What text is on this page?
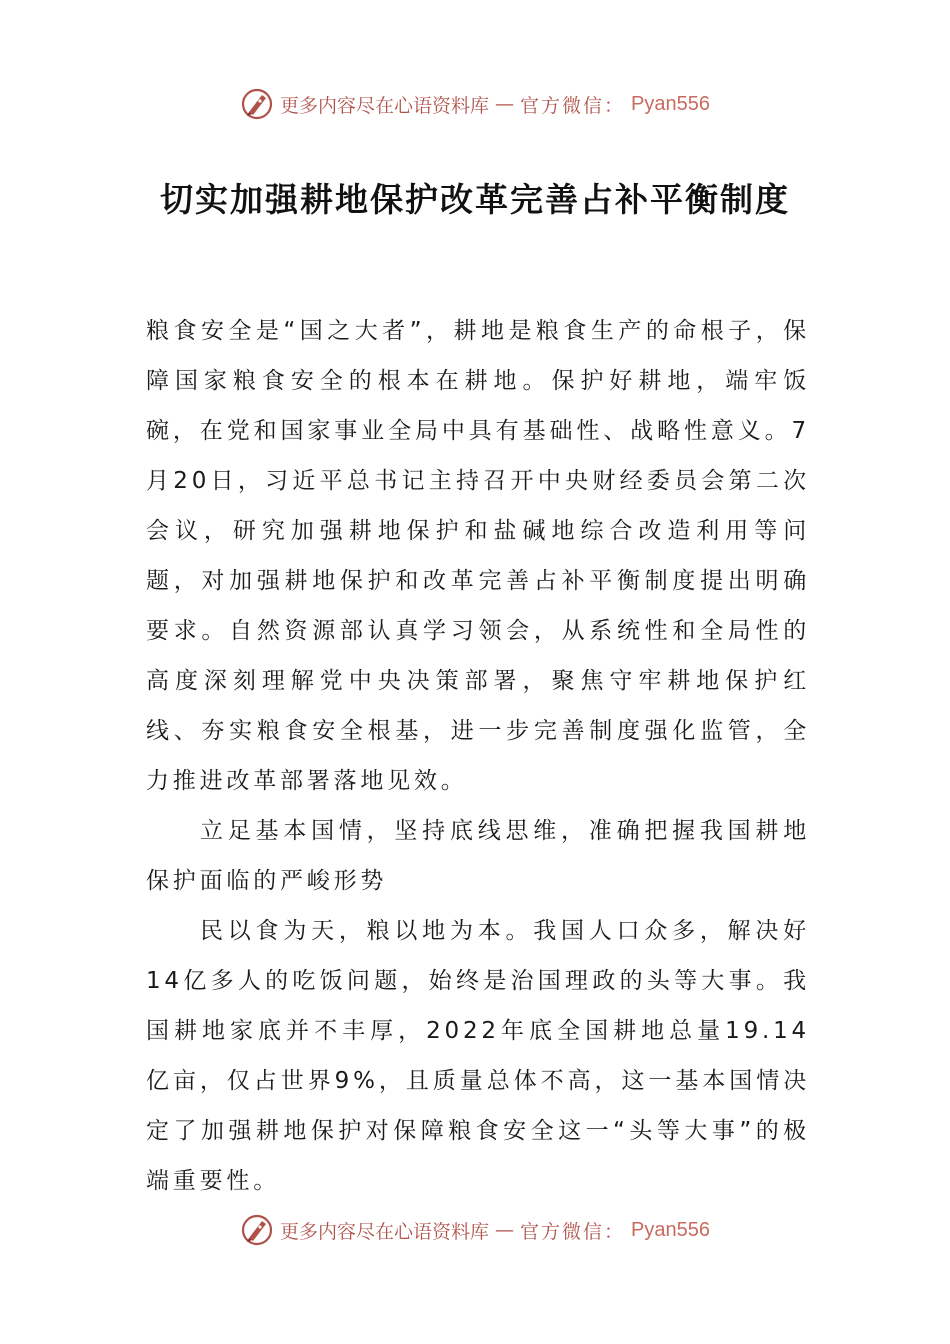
更多内容尽在心语资料库 — 官方微信： Pyan556
切实加强耕地保护改革完善占补平衡制度

粮食安全是“国之大者”，耕地是粮食生产的命根子，保障国家粮食安全的根本在耕地。保护好耕地，端牢饭碗，在党和国家事业全局中具有基础性、战略性意义。7月20日，习近平总书记主持召开中央财经委员会第二次会议，研究加强耕地保护和盐碱地综合改造利用等问题，对加强耕地保护和改革完善占补平衡制度提出明确要求。自然资源部认真学习领会，从系统性和全局性的高度深刻理解党中央决策部署，聚焦守牢耕地保护红线、夯实粮食安全根基，进一步完善制度强化监管，全力推进改革部署落地见效。

立足基本国情，坚持底线思维，准确把握我国耕地保护面临的严峻形势

民以食为天，粮以地为本。我国人口众多，解决好14亿多人的吃饭问题，始终是治国理政的头等大事。我国耕地家底并不丰厚，2022年底全国耕地总量19.14亿亩，仅占世界9%，且质量总体不高，这一基本国情决定了加强耕地保护对保障粮食安全这一“头等大事”的极端重要性。

更多内容尽在心语资料库 — 官方微信： Pyan556
